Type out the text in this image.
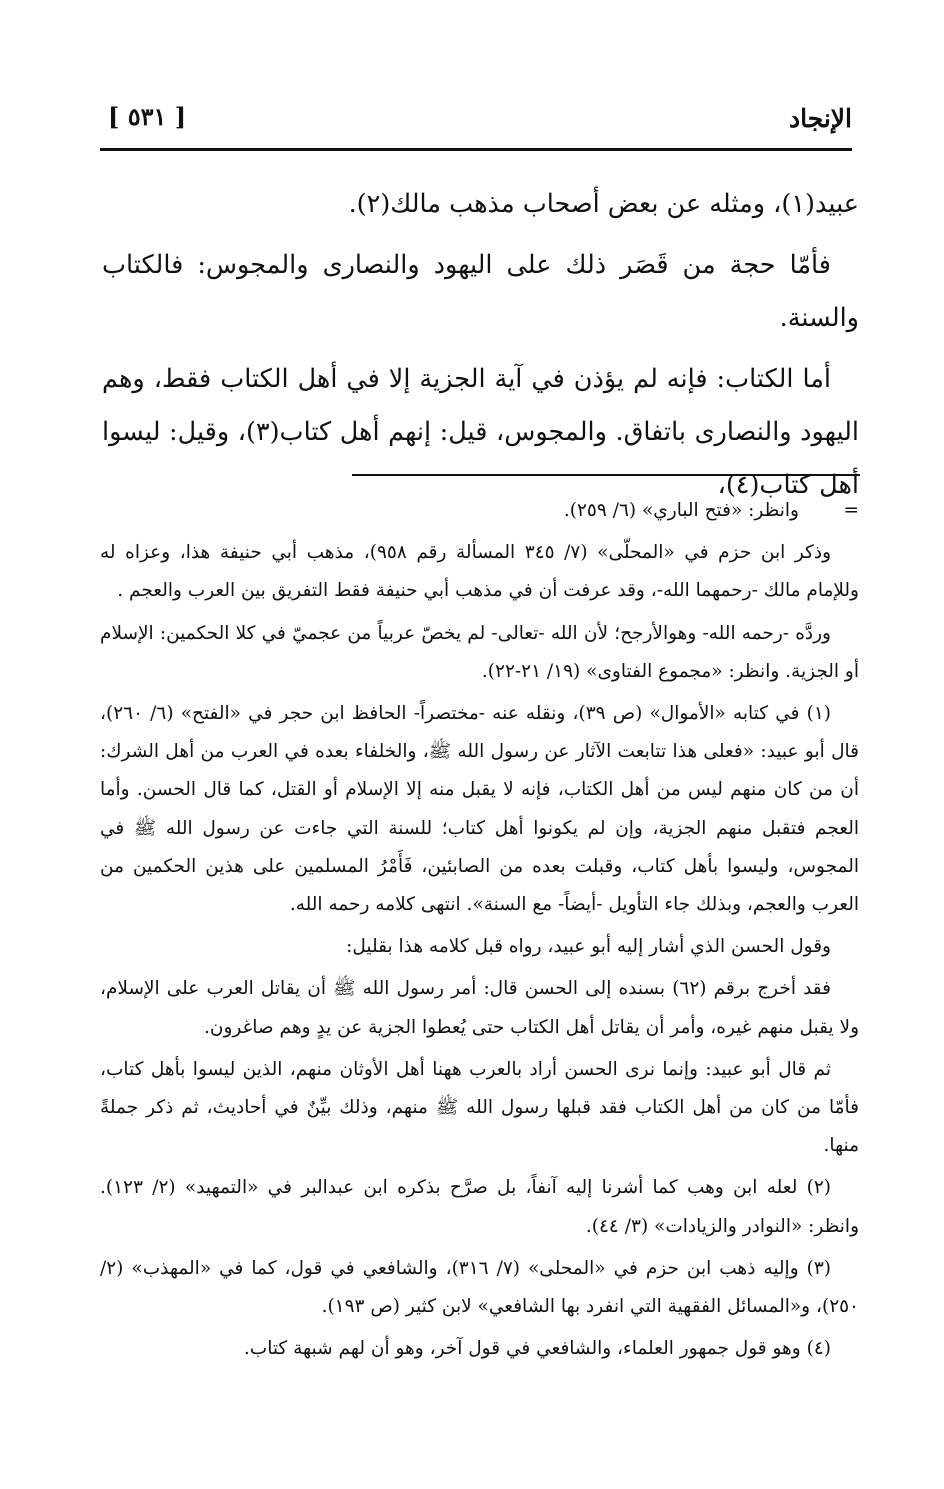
الإنجاد
[ ٥٣١ ]

عبيد(١)، ومثله عن بعض أصحاب مذهب مالك(٢).

فأمّا حجة من قَصَر ذلك على اليهود والنصارى والمجوس: فالكتاب والسنة.

أما الكتاب: فإنه لم يؤذن في آية الجزية إلا في أهل الكتاب فقط، وهم اليهود والنصارى باتفاق. والمجوس، قيل: إنهم أهل كتاب(٣)، وقيل: ليسوا أهل كتاب(٤)،

=وانظر: «فتح الباري» (٦/ ٢٥٩).

وذكر ابن حزم في «المحلّى» (٧/ ٣٤٥ المسألة رقم ٩٥٨)، مذهب أبي حنيفة هذا، وعزاه له وللإمام مالك -رحمهما الله-، وقد عرفت أن في مذهب أبي حنيفة فقط التفريق بين العرب والعجم .

وردَّه -رحمه الله- وهوالأرجح؛ لأن الله -تعالى- لم يخصّ عربياً من عجميّ في كلا الحكمين: الإسلام أو الجزية. وانظر: «مجموع الفتاوى» (١٩/ ٢١-٢٢).

(١) في كتابه «الأموال» (ص ٣٩)، ونقله عنه -مختصراً- الحافظ ابن حجر في «الفتح» (٦/ ٢٦٠)، قال أبو عبيد: «فعلى هذا تتابعت الآثار عن رسول الله ﷺ، والخلفاء بعده في العرب من أهل الشرك: أن من كان منهم ليس من أهل الكتاب، فإنه لا يقبل منه إلا الإسلام أو القتل، كما قال الحسن. وأما العجم فتقبل منهم الجزية، وإن لم يكونوا أهل كتاب؛ للسنة التي جاءت عن رسول الله ﷺ في المجوس، وليسوا بأهل كتاب، وقبلت بعده من الصابئين، فَأَمْرُ المسلمين على هذين الحكمين من العرب والعجم، وبذلك جاء التأويل -أيضاً- مع السنة». انتهى كلامه رحمه الله.

وقول الحسن الذي أشار إليه أبو عبيد، رواه قبل كلامه هذا بقليل:

فقد أخرج برقم (٦٢) بسنده إلى الحسن قال: أمر رسول الله ﷺ أن يقاتل العرب على الإسلام، ولا يقبل منهم غيره، وأمر أن يقاتل أهل الكتاب حتى يُعطوا الجزية عن يدٍ وهم صاغرون.

ثم قال أبو عبيد: وإنما نرى الحسن أراد بالعرب ههنا أهل الأوثان منهم، الذين ليسوا بأهل كتاب، فأمّا من كان من أهل الكتاب فقد قبلها رسول الله ﷺ منهم، وذلك بيِّنٌ في أحاديث، ثم ذكر جملةً منها.

(٢) لعله ابن وهب كما أشرنا إليه آنفاً، بل صرَّح بذكره ابن عبدالبر في «التمهيد» (٢/ ١٢٣). وانظر: «النوادر والزيادات» (٣/ ٤٤).

(٣) وإليه ذهب ابن حزم في «المحلى» (٧/ ٣١٦)، والشافعي في قول، كما في «المهذب» (٢/ ٢٥٠)، و«المسائل الفقهية التي انفرد بها الشافعي» لابن كثير (ص ١٩٣).

(٤) وهو قول جمهور العلماء، والشافعي في قول آخر، وهو أن لهم شبهة كتاب.
